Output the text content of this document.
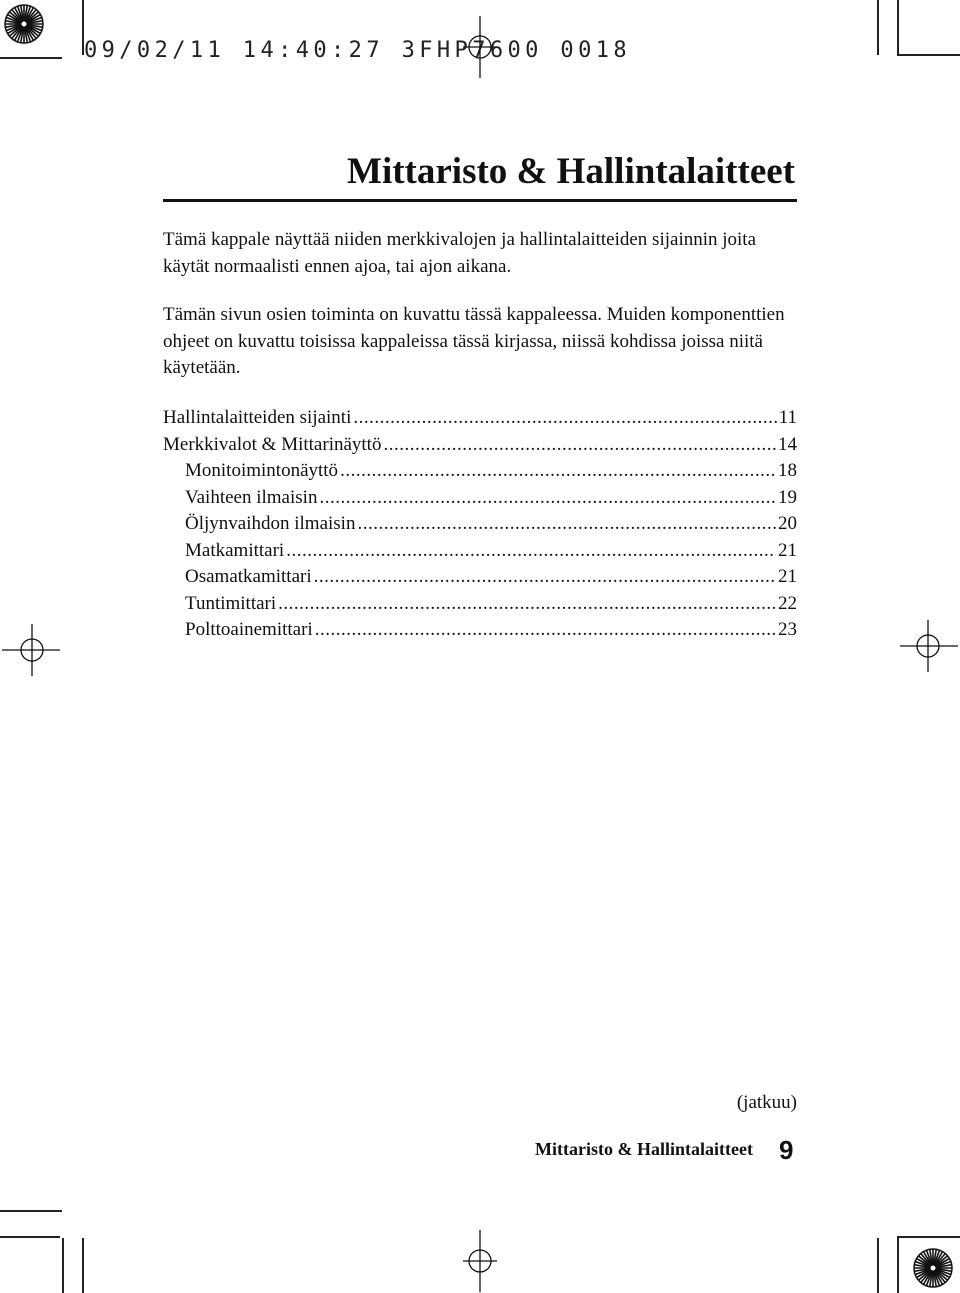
09/02/11 14:40:27 3FHP7600 0018
Mittaristo & Hallintalaitteet
Tämä kappale näyttää niiden merkkivalojen ja hallintalaitteiden sijainnin joita käytät normaalisti ennen ajoa, tai ajon aikana.
Tämän sivun osien toiminta on kuvattu tässä kappaleessa. Muiden komponenttien ohjeet on kuvattu toisissa kappaleissa tässä kirjassa, niissä kohdissa joissa niitä käytetään.
Hallintalaitteiden sijainti .....	11
Merkkivalot & Mittarinäyttö .....	14
Monitoimintonäyttö .....	18
Vaihteen ilmaisin .....	19
Öljynvaihdon ilmaisin .....	20
Matkamittari .....	21
Osamatkamittari .....	21
Tuntimittari .....	22
Polttoainemittari .....	23
(jatkuu)
Mittaristo & Hallintalaitteet 9
